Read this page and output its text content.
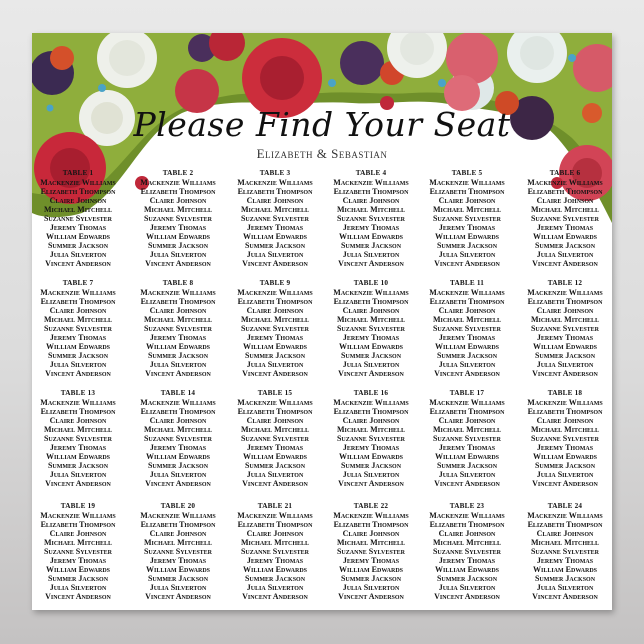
Please Find Your Seat
Elizabeth & Sebastian
TABLE 1
Mackenzie Williams
Elizabeth Thompson
Claire Johnson
Michael Mitchell
Suzanne Sylvester
Jeremy Thomas
William Edwards
Summer Jackson
Julia Silverton
Vincent Anderson
TABLE 2
Mackenzie Williams
Elizabeth Thompson
Claire Johnson
Michael Mitchell
Suzanne Sylvester
Jeremy Thomas
William Edwards
Summer Jackson
Julia Silverton
Vincent Anderson
TABLE 3
Mackenzie Williams
Elizabeth Thompson
Claire Johnson
Michael Mitchell
Suzanne Sylvester
Jeremy Thomas
William Edwards
Summer Jackson
Julia Silverton
Vincent Anderson
TABLE 4
Mackenzie Williams
Elizabeth Thompson
Claire Johnson
Michael Mitchell
Suzanne Sylvester
Jeremy Thomas
William Edwards
Summer Jackson
Julia Silverton
Vincent Anderson
TABLE 5
Mackenzie Williams
Elizabeth Thompson
Claire Johnson
Michael Mitchell
Suzanne Sylvester
Jeremy Thomas
William Edwards
Summer Jackson
Julia Silverton
Vincent Anderson
TABLE 6
Mackenzie Williams
Elizabeth Thompson
Claire Johnson
Michael Mitchell
Suzanne Sylvester
Jeremy Thomas
William Edwards
Summer Jackson
Julia Silverton
Vincent Anderson
TABLE 7
Mackenzie Williams
Elizabeth Thompson
Claire Johnson
Michael Mitchell
Suzanne Sylvester
Jeremy Thomas
William Edwards
Summer Jackson
Julia Silverton
Vincent Anderson
TABLE 8
Mackenzie Williams
Elizabeth Thompson
Claire Johnson
Michael Mitchell
Suzanne Sylvester
Jeremy Thomas
William Edwards
Summer Jackson
Julia Silverton
Vincent Anderson
TABLE 9
Mackenzie Williams
Elizabeth Thompson
Claire Johnson
Michael Mitchell
Suzanne Sylvester
Jeremy Thomas
William Edwards
Summer Jackson
Julia Silverton
Vincent Anderson
TABLE 10
Mackenzie Williams
Elizabeth Thompson
Claire Johnson
Michael Mitchell
Suzanne Sylvester
Jeremy Thomas
William Edwards
Summer Jackson
Julia Silverton
Vincent Anderson
TABLE 11
Mackenzie Williams
Elizabeth Thompson
Claire Johnson
Michael Mitchell
Suzanne Sylvester
Jeremy Thomas
William Edwards
Summer Jackson
Julia Silverton
Vincent Anderson
TABLE 12
Mackenzie Williams
Elizabeth Thompson
Claire Johnson
Michael Mitchell
Suzanne Sylvester
Jeremy Thomas
William Edwards
Summer Jackson
Julia Silverton
Vincent Anderson
TABLE 13
Mackenzie Williams
Elizabeth Thompson
Claire Johnson
Michael Mitchell
Suzanne Sylvester
Jeremy Thomas
William Edwards
Summer Jackson
Julia Silverton
Vincent Anderson
TABLE 14
Mackenzie Williams
Elizabeth Thompson
Claire Johnson
Michael Mitchell
Suzanne Sylvester
Jeremy Thomas
William Edwards
Summer Jackson
Julia Silverton
Vincent Anderson
TABLE 15
Mackenzie Williams
Elizabeth Thompson
Claire Johnson
Michael Mitchell
Suzanne Sylvester
Jeremy Thomas
William Edwards
Summer Jackson
Julia Silverton
Vincent Anderson
TABLE 16
Mackenzie Williams
Elizabeth Thompson
Claire Johnson
Michael Mitchell
Suzanne Sylvester
Jeremy Thomas
William Edwards
Summer Jackson
Julia Silverton
Vincent Anderson
TABLE 17
Mackenzie Williams
Elizabeth Thompson
Claire Johnson
Michael Mitchell
Suzanne Sylvester
Jeremy Thomas
William Edwards
Summer Jackson
Julia Silverton
Vincent Anderson
TABLE 18
Mackenzie Williams
Elizabeth Thompson
Claire Johnson
Michael Mitchell
Suzanne Sylvester
Jeremy Thomas
William Edwards
Summer Jackson
Julia Silverton
Vincent Anderson
TABLE 19
Mackenzie Williams
Elizabeth Thompson
Claire Johnson
Michael Mitchell
Suzanne Sylvester
Jeremy Thomas
William Edwards
Summer Jackson
Julia Silverton
Vincent Anderson
TABLE 20
Mackenzie Williams
Elizabeth Thompson
Claire Johnson
Michael Mitchell
Suzanne Sylvester
Jeremy Thomas
William Edwards
Summer Jackson
Julia Silverton
Vincent Anderson
TABLE 21
Mackenzie Williams
Elizabeth Thompson
Claire Johnson
Michael Mitchell
Suzanne Sylvester
Jeremy Thomas
William Edwards
Summer Jackson
Julia Silverton
Vincent Anderson
TABLE 22
Mackenzie Williams
Elizabeth Thompson
Claire Johnson
Michael Mitchell
Suzanne Sylvester
Jeremy Thomas
William Edwards
Summer Jackson
Julia Silverton
Vincent Anderson
TABLE 23
Mackenzie Williams
Elizabeth Thompson
Claire Johnson
Michael Mitchell
Suzanne Sylvester
Jeremy Thomas
William Edwards
Summer Jackson
Julia Silverton
Vincent Anderson
TABLE 24
Mackenzie Williams
Elizabeth Thompson
Claire Johnson
Michael Mitchell
Suzanne Sylvester
Jeremy Thomas
William Edwards
Summer Jackson
Julia Silverton
Vincent Anderson
